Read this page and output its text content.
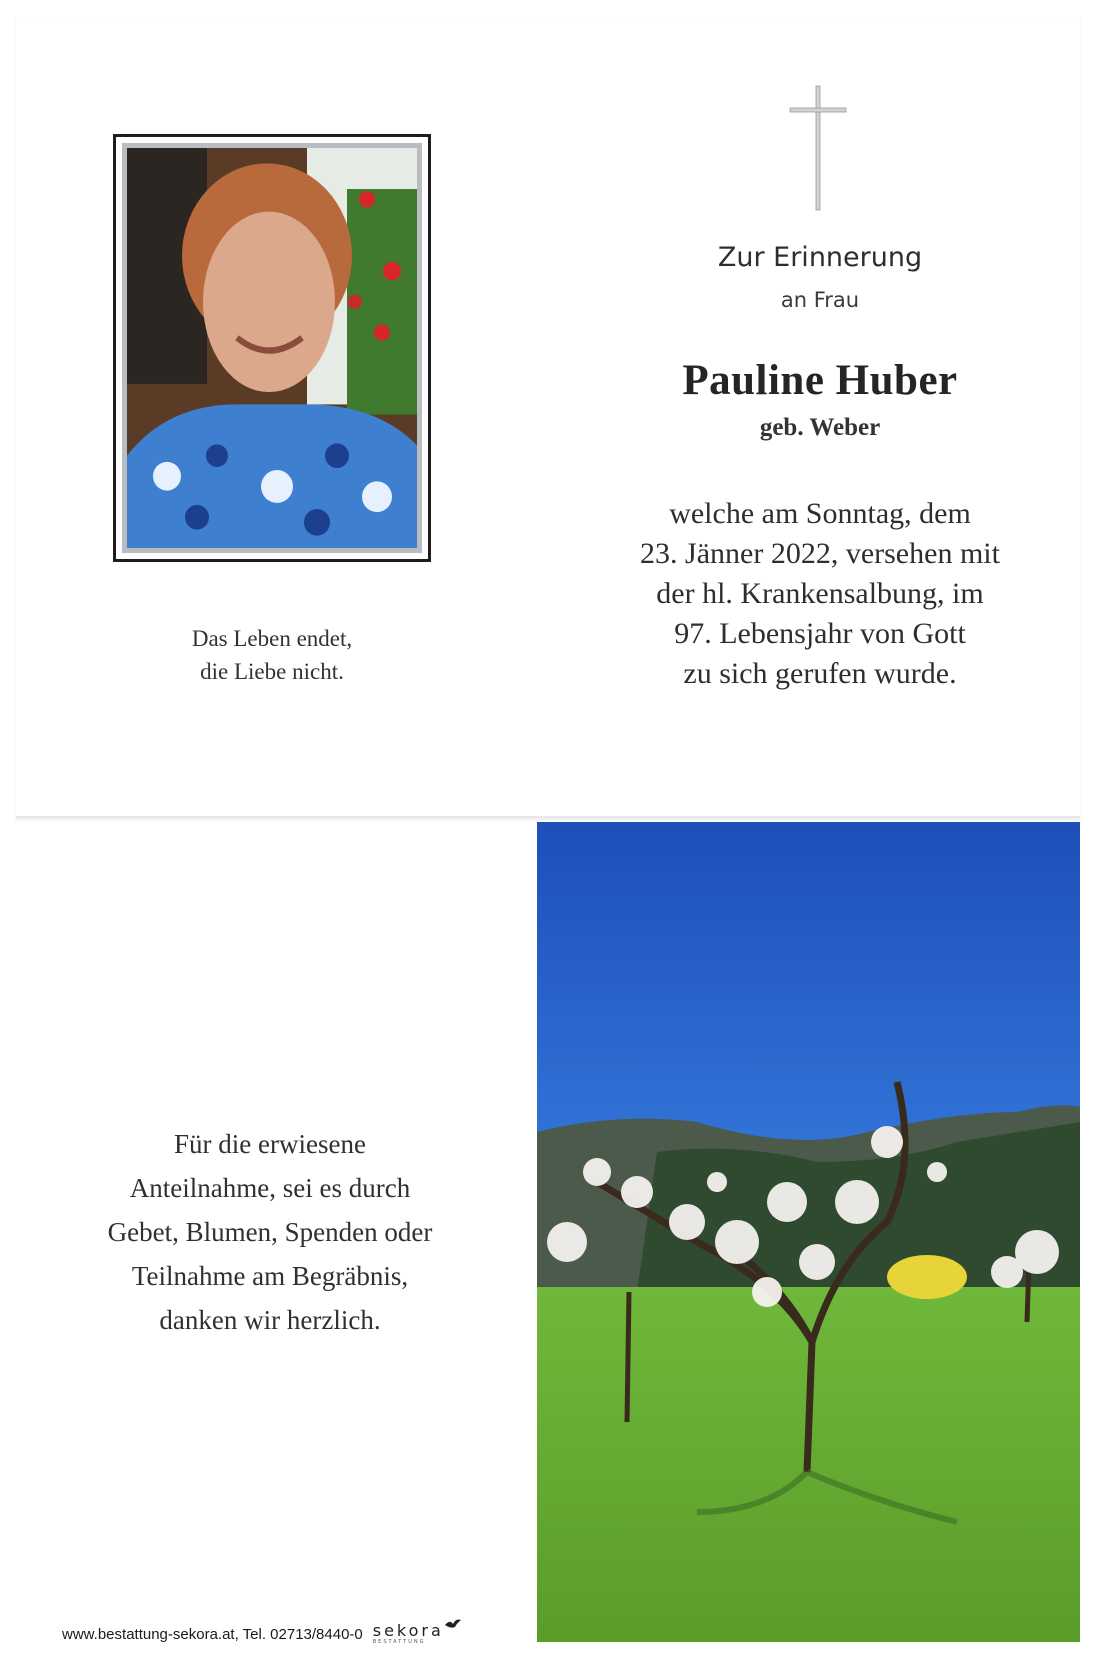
Das Leben endet,
die Liebe nicht.
Zur Erinnerung
an Frau
Pauline Huber
geb. Weber
welche am Sonntag, dem
23. Jänner 2022, versehen mit
der hl. Krankensalbung, im
97. Lebensjahr von Gott
zu sich gerufen wurde.
Für die erwiesene
Anteilnahme, sei es durch
Gebet, Blumen, Spenden oder
Teilnahme am Begräbnis,
danken wir herzlich.
www.bestattung-sekora.at, Tel. 02713/8440-0 sekora
BESTATTUNG
